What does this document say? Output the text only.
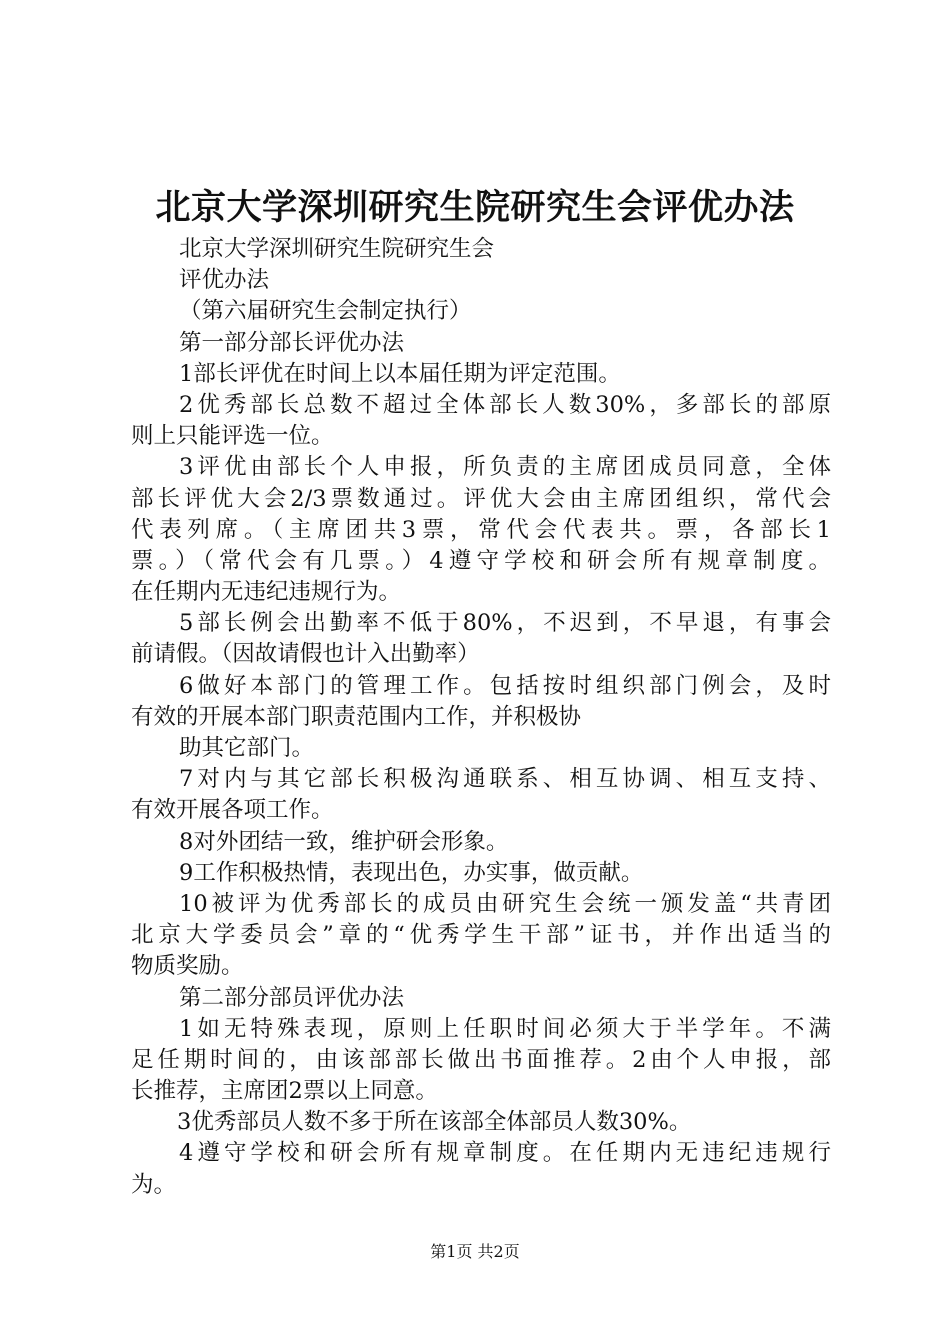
北京大学深圳研究生院研究生会评优办法
北京大学深圳研究生院研究生会
评优办法
（第六届研究生会制定执行）
第一部分部长评优办法
1部长评优在时间上以本届任期为评定范围。
2优秀部长总数不超过全体部长人数30%，多部长的部原
则上只能评选一位。
3评优由部长个人申报，所负责的主席团成员同意，全体
部长评优大会2/3票数通过。评优大会由主席团组织，常代会
代表列席。（主席团共3票，常代会代表共。票，各部长1
票。）（常代会有几票。）4遵守学校和研会所有规章制度。
在任期内无违纪违规行为。
5部长例会出勤率不低于80%，不迟到，不早退，有事会
前请假。（因故请假也计入出勤率）
6做好本部门的管理工作。包括按时组织部门例会，及时
有效的开展本部门职责范围内工作，并积极协
助其它部门。
7对内与其它部长积极沟通联系、相互协调、相互支持、
有效开展各项工作。
8对外团结一致，维护研会形象。
9工作积极热情，表现出色，办实事，做贡献。
10被评为优秀部长的成员由研究生会统一颁发盖“共青团
北京大学委员会”章的“优秀学生干部”证书，并作出适当的
物质奖励。
第二部分部员评优办法
1如无特殊表现，原则上任职时间必须大于半学年。不满
足任期时间的，由该部部长做出书面推荐。2由个人申报，部
长推荐，主席团2票以上同意。
3优秀部员人数不多于所在该部全体部员人数30%。
4遵守学校和研会所有规章制度。在任期内无违纪违规行
为。
第1页 共2页
